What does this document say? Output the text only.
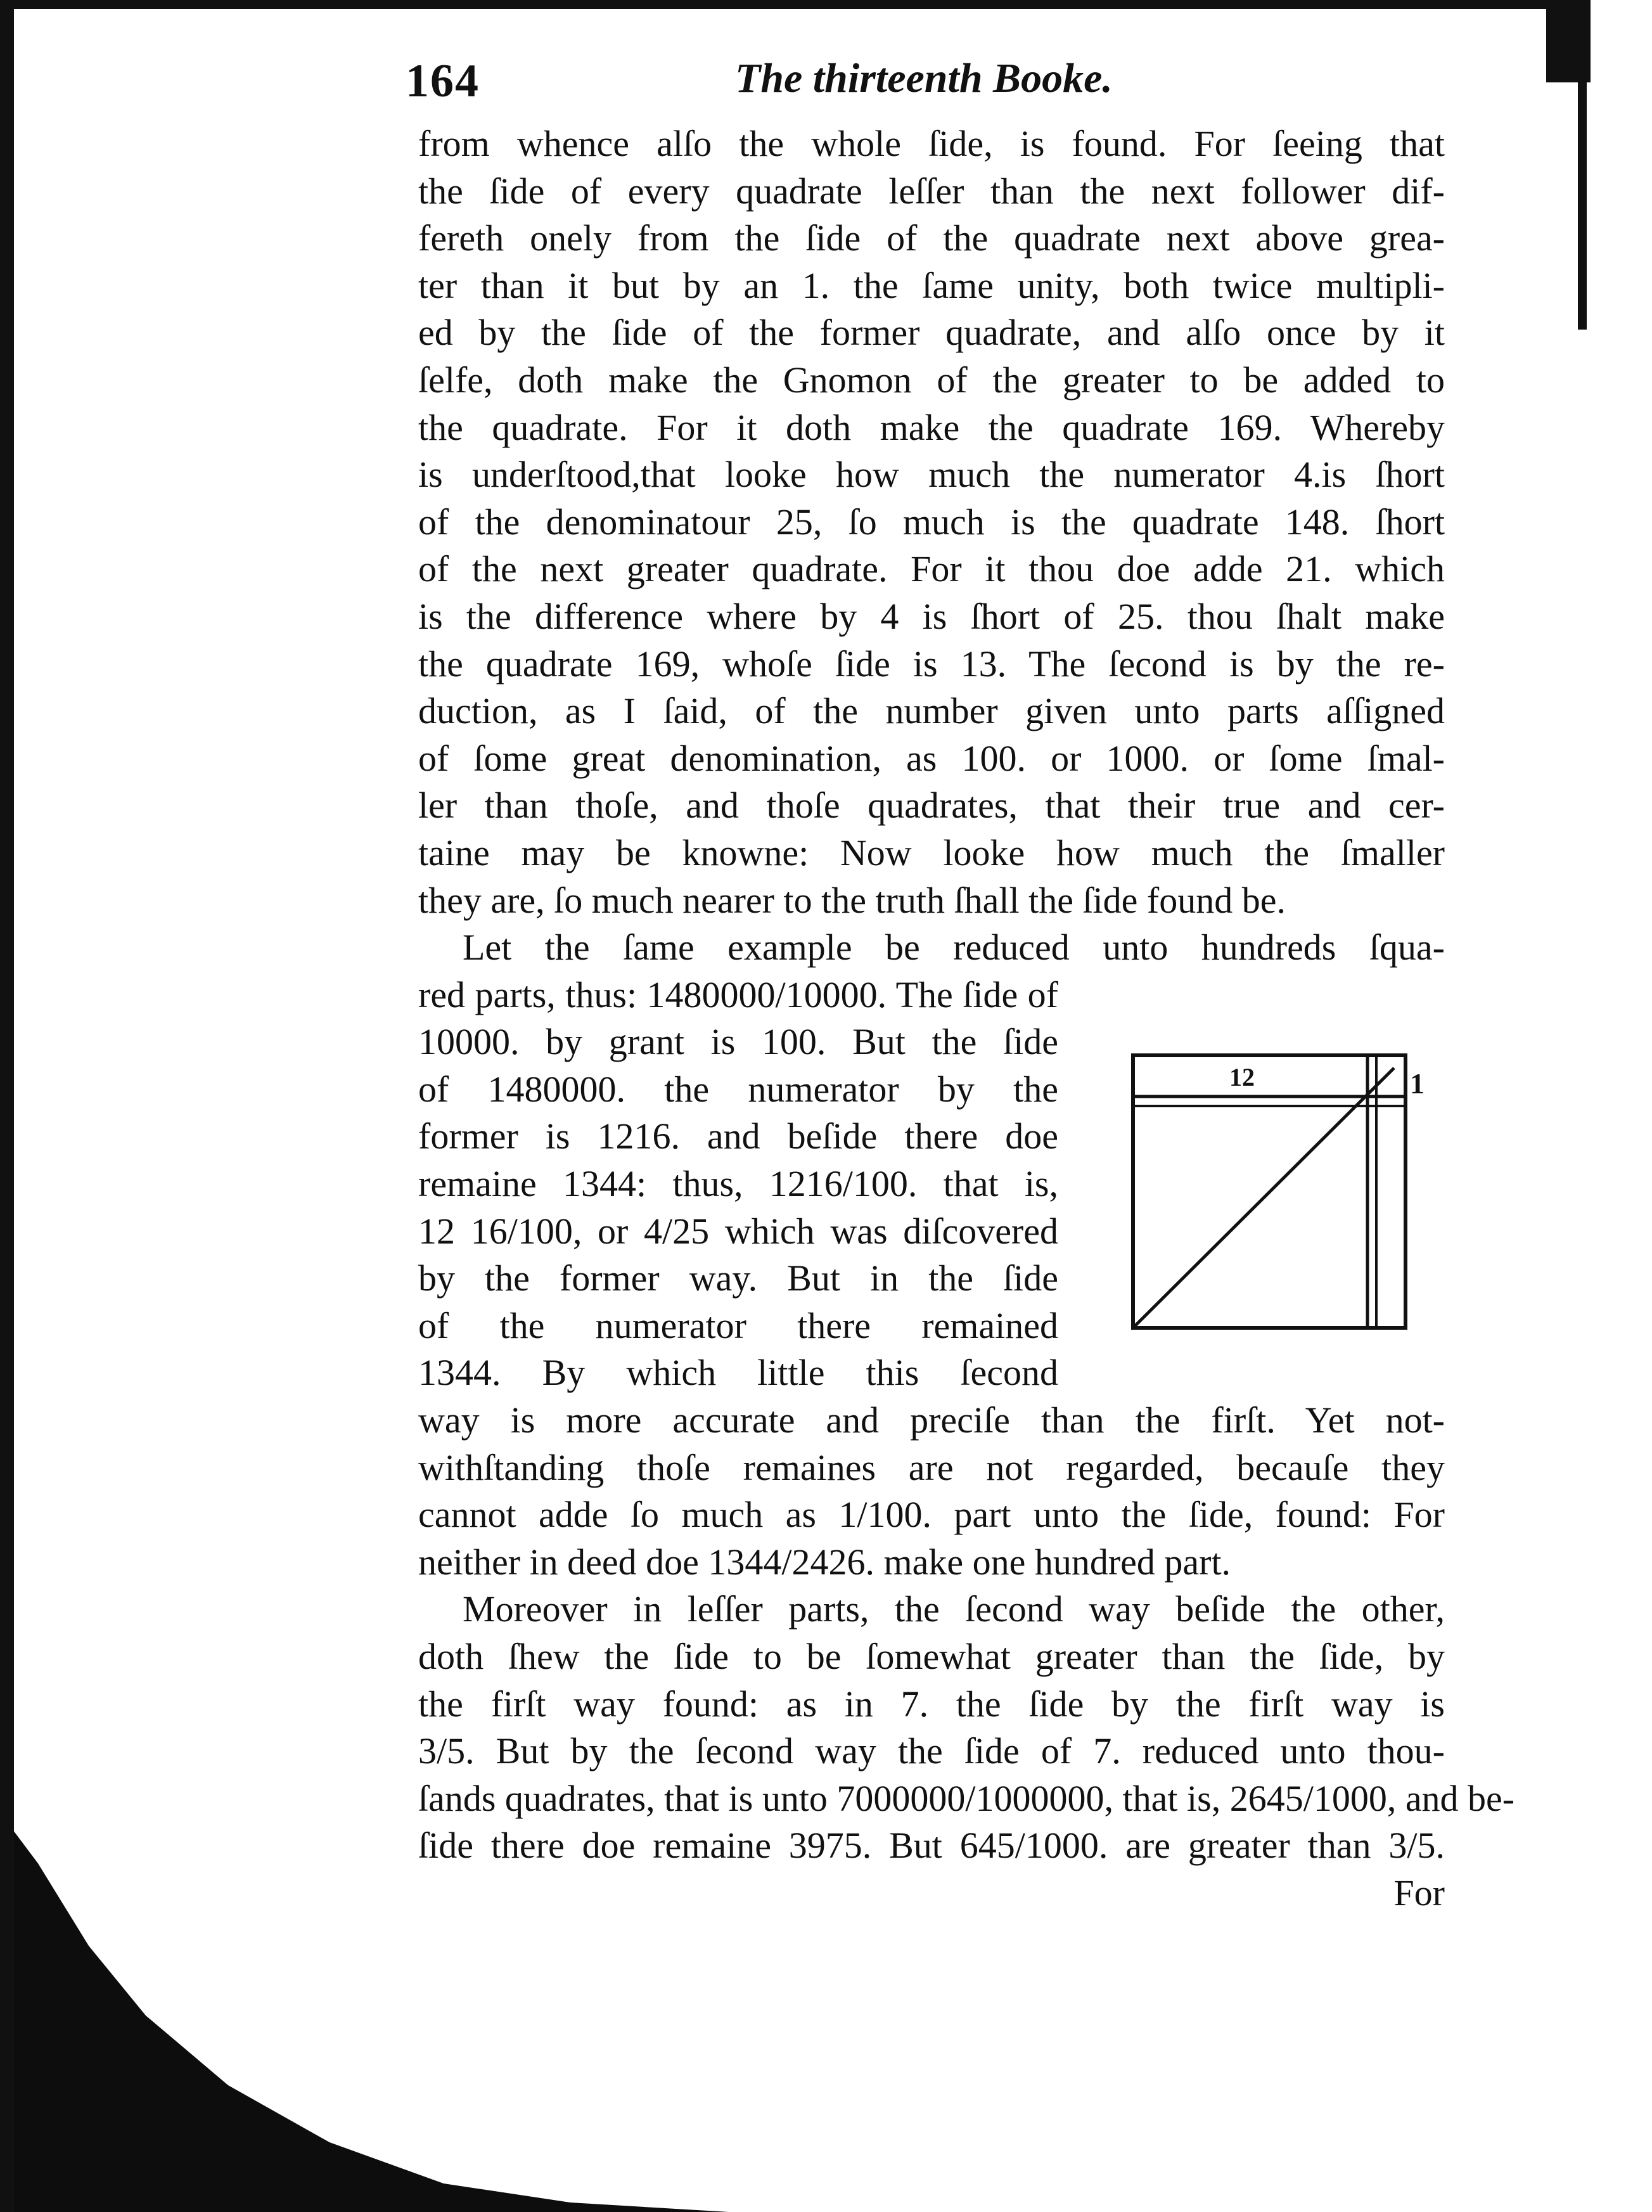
164	The thirteenth Booke.
from whence alſo the whole ſide, is found. For ſeeing that
the ſide of every quadrate leſſer than the next follower dif-
fereth onely from the ſide of the quadrate next above grea-
ter than it but by an 1. the ſame unity, both twice multipli-
ed by the ſide of the former quadrate, and alſo once by it
ſelfe, doth make the Gnomon of the greater to be added to
the quadrate. For it doth make the quadrate 169. Whereby
is underſtood,that looke how much the numerator 4.is ſhort
of the denominatour 25, ſo much is the quadrate 148. ſhort
of the next greater quadrate. For it thou doe adde 21. which
is the difference where by 4 is ſhort of 25. thou ſhalt make
the quadrate 169, whoſe ſide is 13. The ſecond is by the re-
duction, as I ſaid, of the number given unto parts aſſigned
of ſome great denomination, as 100. or 1000. or ſome ſmal-
ler than thoſe, and thoſe quadrates, that their true and cer-
taine may be knowne: Now looke how much the ſmaller
they are, ſo much nearer to the truth ſhall the ſide found be.
Let the ſame example be reduced unto hundreds ſqua-
red parts, thus: 1480000/10000. The ſide of
10000. by grant is 100. But the ſide
of 1480000. the numerator by the
former is 1216. and beſide there doe
remaine 1344: thus, 1216/100. that is,
12 16/100, or 4/25 which was diſcovered
by the former way. But in the ſide
of the numerator there remained
1344. By which little this ſecond
way is more accurate and preciſe than the firſt. Yet not-
withſtanding thoſe remaines are not regarded, becauſe they
cannot adde ſo much as 1/100. part unto the ſide, found: For
neither in deed doe 1344/2426. make one hundred part.
Moreover in leſſer parts, the ſecond way beſide the other,
doth ſhew the ſide to be ſomewhat greater than the ſide, by
the firſt way found: as in 7. the ſide by the firſt way is
3/5. But by the ſecond way the ſide of 7. reduced unto thou-
ſands quadrates, that is unto 7000000/1000000, that is, 2645/1000, and be-
ſide there doe remaine 3975. But 645/1000. are greater than 3/5.
For
12	1
